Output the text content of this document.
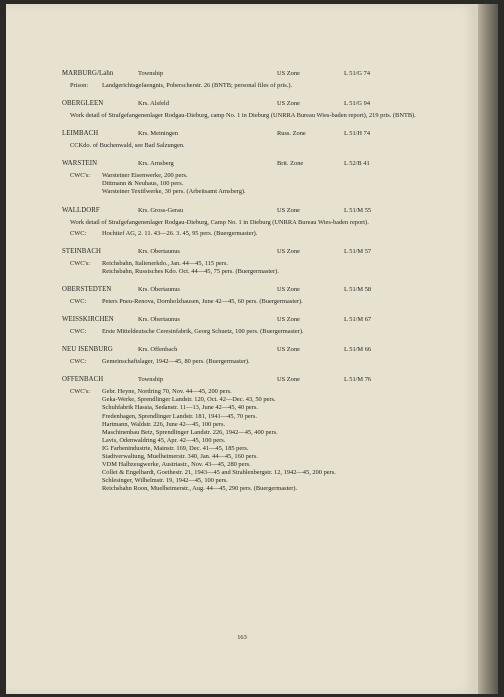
MARBURG/Lahn	Township	US Zone	L 51/G 74
Prison: Landgerichtsgefaengnis, Poberscherstr. 26 (BNTB; personal files of pris.).
OBERGLEEN	Krs. Alsfeld	US Zone	L 51/G 94
Work detail of Strafgefangenenlager Rodgau-Dieburg, camp No. 1 in Dieburg (UNRRA Bureau Wies-baden report), 219 pris. (BNTB).
LEIMBACH	Krs. Meiningen	Russ. Zone	L 51/H 74
CCKdo. of Buchenwald, see Bad Salzungen.
WARSTEIN	Krs. Arnsberg	Brit. Zone	L 52/B 41
CWC's: Warsteiner Eisenwerke, 200 pers.
Dittmann & Neuhaus, 100 pers.
Warsteiner Textilwerke, 30 pers. (Arbeitsamt Arnsberg).
WALLDORF	Krs. Gross-Gerau	US Zone	L 51/M 55
Work detail of Strafgefangenenlager Rodgau-Dieburg, Camp No. 1 in Dieburg (UNRRA Bureau Wies-baden report).
CWC: Hochtief AG, 2. 11. 43—26. 3. 45, 95 pers. (Buergermaster).
STEINBACH	Krs. Obertaunus	US Zone	L 51/M 57
CWC's: Reichsbahn, Italienerkdo., Jan. 44—45, 115 pers.
Reichsbahn, Russisches Kdo. Oct. 44—45, 75 pers. (Buergermaster).
OBERSTEDTEN	Krs. Obertaunus	US Zone	L 51/M 58
CWC: Peters Pneu-Renova, Dornholzhausen, June 42—45, 60 pers. (Buergermaster).
WEISSKIRCHEN	Krs. Obertaunus	US Zone	L 51/M 67
CWC: Erste Mitteldeutsche Ceresinfabrik, Georg Schuetz, 100 pers. (Buergermaster).
NEU ISENBURG	Krs. Offenbach	US Zone	L 51/M 66
CWC: Gemeinschaftslager, 1942—45, 80 pers. (Buergermaster).
OFFENBACH	Township	US Zone	L 51/M 76
CWC's: Gebr. Heyne, Nordring 70, Nov. 44—45, 200 pers.
Geka-Werke, Sprendlinger Landstr. 120, Oct. 42—Dec. 43, 50 pers.
Schuhfabrik Hassia, Sedanstr. 11—13, June 42—45, 40 pers.
Fredenhagen, Sprendlinger Landstr. 181, 1941—45, 70 pers.
Hartmann, Waldstr. 226, June 42—45, 100 pers.
Maschinenbau Betz, Sprendlinger Landstr. 226, 1942—45, 400 pers.
Lavis, Odenwaldring 45, Apr. 42—45, 100 pers.
IG Farbenindustrie, Mainstr. 169, Dec. 41—45, 185 pers.
Stadtverwaltung, Muelheimerstr. 340, Jan. 44—45, 160 pers.
VDM Halbzeugwerke, Austriastr., Nov. 43—45, 280 pers.
Collet & Engelhardt, Goethestr. 21, 1943—45 and Strahlenbergstr. 12, 1942—45, 200 pers.
Schlesinger, Wilhelmstr. 19, 1942—45, 100 pers.
Reichsbahn Roon, Muelheimerstr., Aug. 44—45, 290 pers. (Buergermaster).
163
